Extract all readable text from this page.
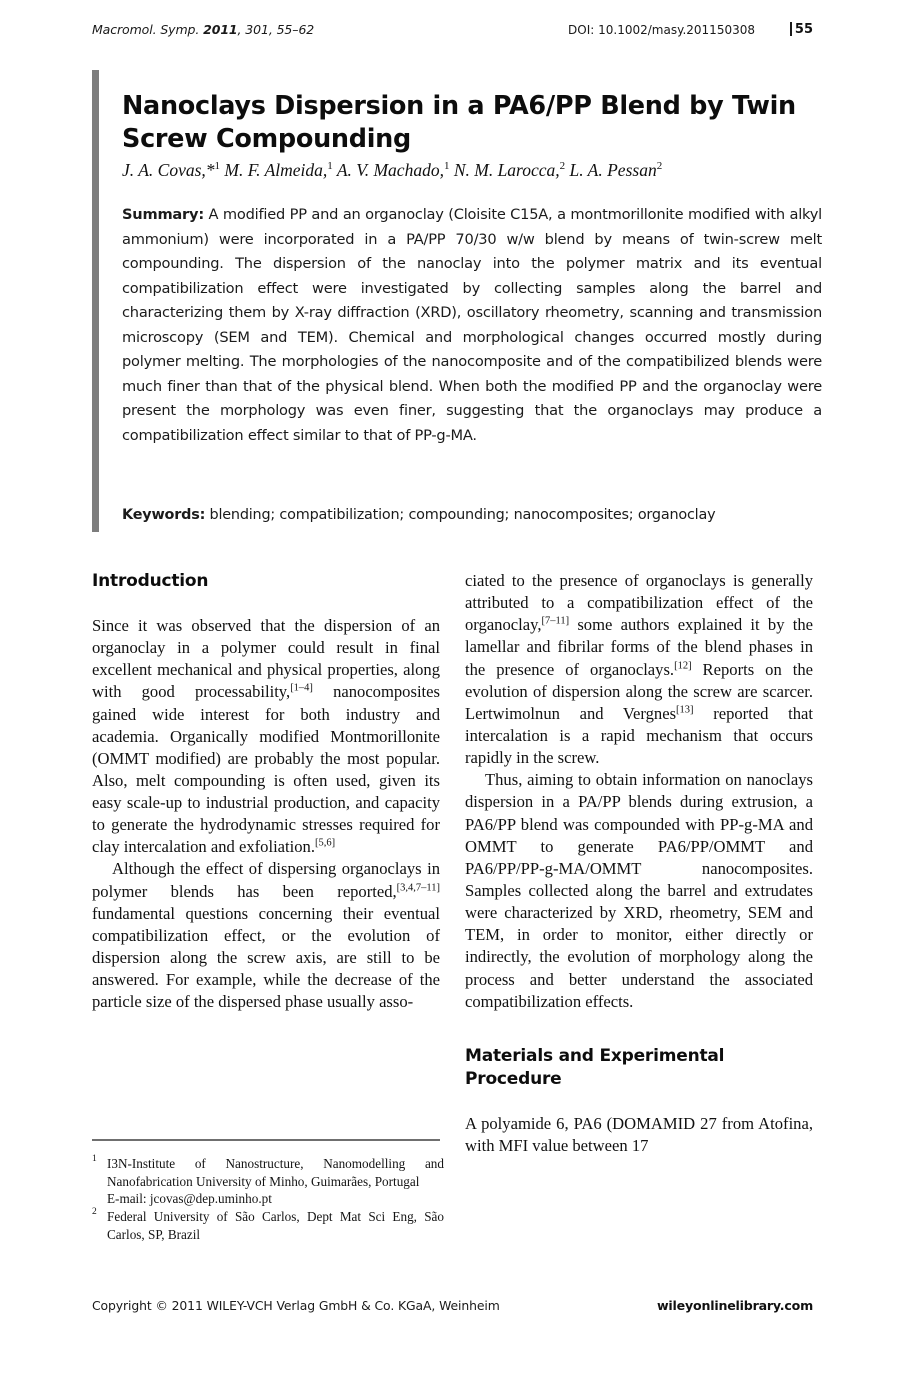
Macromol. Symp. 2011, 301, 55–62	DOI: 10.1002/masy.201150308	55
Nanoclays Dispersion in a PA6/PP Blend by Twin Screw Compounding
J. A. Covas,*$^1$ M. F. Almeida,$^1$ A. V. Machado,$^1$ N. M. Larocca,$^2$ L. A. Pessan$^2$
Summary: A modified PP and an organoclay (Cloisite C15A, a montmorillonite modified with alkyl ammonium) were incorporated in a PA/PP 70/30 w/w blend by means of twin-screw melt compounding. The dispersion of the nanoclay into the polymer matrix and its eventual compatibilization effect were investigated by collecting samples along the barrel and characterizing them by X-ray diffraction (XRD), oscillatory rheometry, scanning and transmission microscopy (SEM and TEM). Chemical and morphological changes occurred mostly during polymer melting. The morphologies of the nanocomposite and of the compatibilized blends were much finer than that of the physical blend. When both the modified PP and the organoclay were present the morphology was even finer, suggesting that the organoclays may produce a compatibilization effect similar to that of PP-g-MA.
Keywords: blending; compatibilization; compounding; nanocomposites; organoclay
Introduction

Since it was observed that the dispersion of an organoclay in a polymer could result in final excellent mechanical and physical properties, along with good processability,[1–4] nanocomposites gained wide interest for both industry and academia. Organically modified Montmorillonite (OMMT modified) are probably the most popular. Also, melt compounding is often used, given its easy scale-up to industrial production, and capacity to generate the hydrodynamic stresses required for clay intercalation and exfoliation.[5,6]

Although the effect of dispersing organoclays in polymer blends has been reported,[3,4,7–11] fundamental questions concerning their eventual compatibilization effect, or the evolution of dispersion along the screw axis, are still to be answered. For example, while the decrease of the particle size of the dispersed phase usually asso-

ciated to the presence of organoclays is generally attributed to a compatibilization effect of the organoclay,[7–11] some authors explained it by the lamellar and fibrilar forms of the blend phases in the presence of organoclays.[12] Reports on the evolution of dispersion along the screw are scarcer. Lertwimolnun and Vergnes[13] reported that intercalation is a rapid mechanism that occurs rapidly in the screw.

Thus, aiming to obtain information on nanoclays dispersion in a PA/PP blends during extrusion, a PA6/PP blend was compounded with PP-g-MA and OMMT to generate PA6/PP/OMMT and PA6/PP/PP-g-MA/OMMT nanocomposites. Samples collected along the barrel and extrudates were characterized by XRD, rheometry, SEM and TEM, in order to monitor, either directly or indirectly, the evolution of morphology along the process and better understand the associated compatibilization effects.

Materials and Experimental Procedure

A polyamide 6, PA6 (DOMAMID 27 from Atofina, with MFI value between 17

1 I3N-Institute of Nanostructure, Nanomodelling and Nanofabrication University of Minho, Guimarães, Portugal
E-mail: jcovas@dep.uminho.pt
2 Federal University of São Carlos, Dept Mat Sci Eng, São Carlos, SP, Brazil
Copyright © 2011 WILEY-VCH Verlag GmbH & Co. KGaA, Weinheim	wileyonlinelibrary.com
